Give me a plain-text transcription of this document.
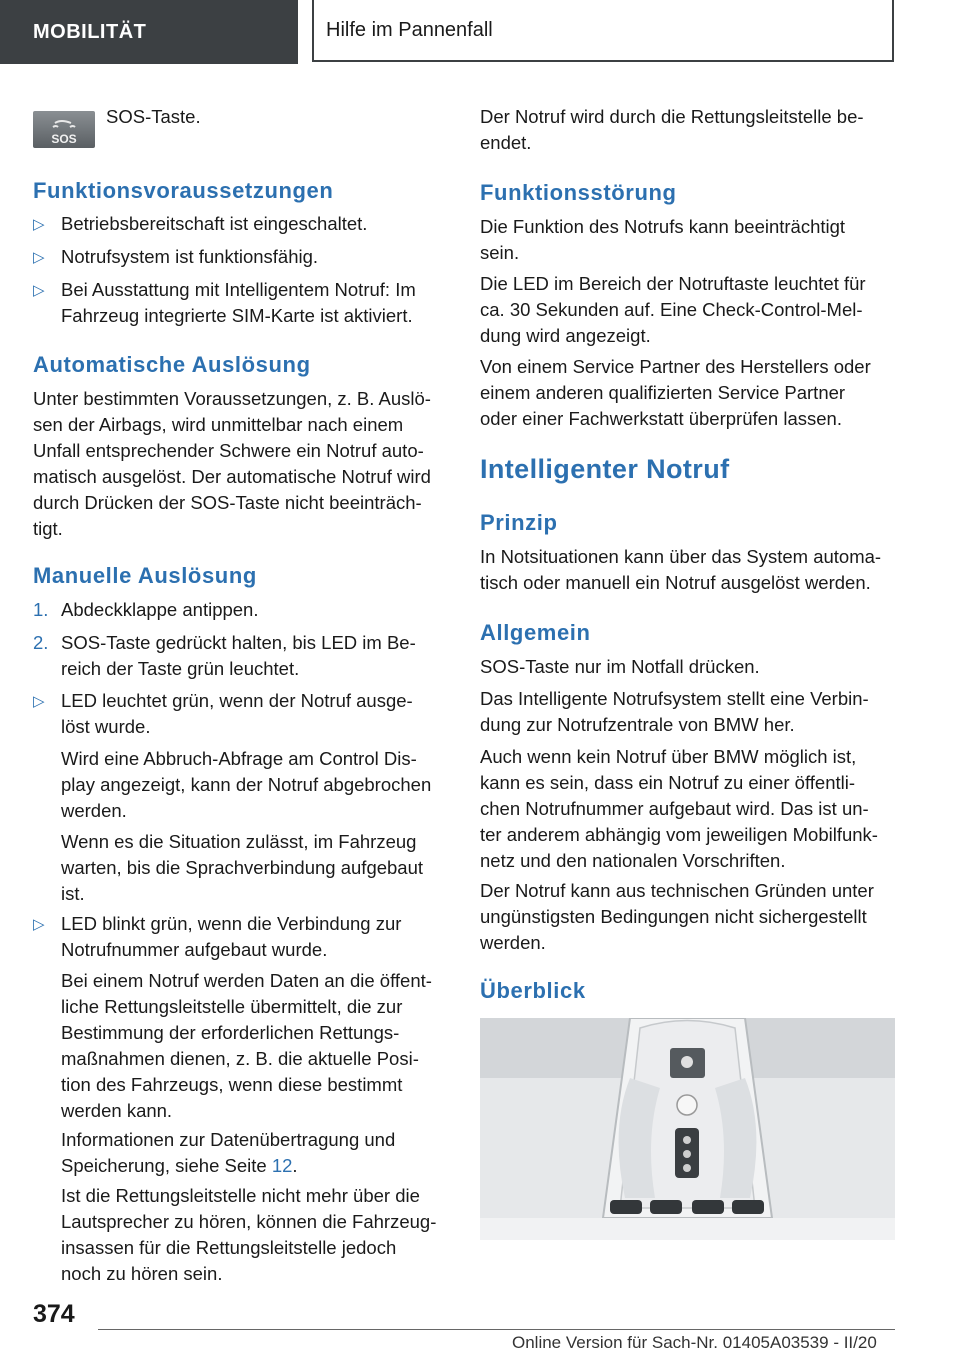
MOBILITÄT	Hilfe im Pannenfall
SOS

SOS-Taste.

Funktionsvoraussetzungen
▷ Betriebsbereitschaft ist eingeschaltet.

▷ Notrufsystem ist funktionsfähig.

▷ Bei Ausstattung mit Intelligentem Notruf: Im

Fahrzeug integrierte SIM-Karte ist aktiviert.

Automatische Auslösung

Unter bestimmten Voraussetzungen, z. B. Auslö-

sen der Airbags, wird unmittelbar nach einem

Unfall entsprechender Schwere ein Notruf auto-

matisch ausgelöst. Der automatische Notruf wird

durch Drücken der SOS-Taste nicht beeinträch-

tigt.

Manuelle Auslösung
1. Abdeckklappe antippen.

2. SOS-Taste gedrückt halten, bis LED im Be-

reich der Taste grün leuchtet.

▷ LED leuchtet grün, wenn der Notruf ausge-

löst wurde.

Wird eine Abbruch-Abfrage am Control Dis-

play angezeigt, kann der Notruf abgebrochen

werden.

Wenn es die Situation zulässt, im Fahrzeug

warten, bis die Sprachverbindung aufgebaut

ist.

▷ LED blinkt grün, wenn die Verbindung zur

Notrufnummer aufgebaut wurde.

Bei einem Notruf werden Daten an die öffent-

liche Rettungsleitstelle übermittelt, die zur

Bestimmung der erforderlichen Rettungs-

maßnahmen dienen, z. B. die aktuelle Posi-

tion des Fahrzeugs, wenn diese bestimmt

werden kann.

Informationen zur Datenübertragung und

Speicherung, siehe Seite 12.

Ist die Rettungsleitstelle nicht mehr über die

Lautsprecher zu hören, können die Fahrzeug-

insassen für die Rettungsleitstelle jedoch

noch zu hören sein.

Der Notruf wird durch die Rettungsleitstelle be-

endet.

Funktionsstörung

Die Funktion des Notrufs kann beeinträchtigt

sein.

Die LED im Bereich der Notruftaste leuchtet für

ca. 30 Sekunden auf. Eine Check-Control-Mel-

dung wird angezeigt.

Von einem Service Partner des Herstellers oder

einem anderen qualifizierten Service Partner

oder einer Fachwerkstatt überprüfen lassen.

Intelligenter Notruf
Prinzip

In Notsituationen kann über das System automa-

tisch oder manuell ein Notruf ausgelöst werden.

Allgemein

SOS-Taste nur im Notfall drücken.

Das Intelligente Notrufsystem stellt eine Verbin-

dung zur Notrufzentrale von BMW her.

Auch wenn kein Notruf über BMW möglich ist,

kann es sein, dass ein Notruf zu einer öffentli-

chen Notrufnummer aufgebaut wird. Das ist un-

ter anderem abhängig vom jeweiligen Mobilfunk-

netz und den nationalen Vorschriften.

Der Notruf kann aus technischen Gründen unter

ungünstigsten Bedingungen nicht sichergestellt

werden.

Überblick
374
Online Version für Sach-Nr. 01405A03539 - II/20
